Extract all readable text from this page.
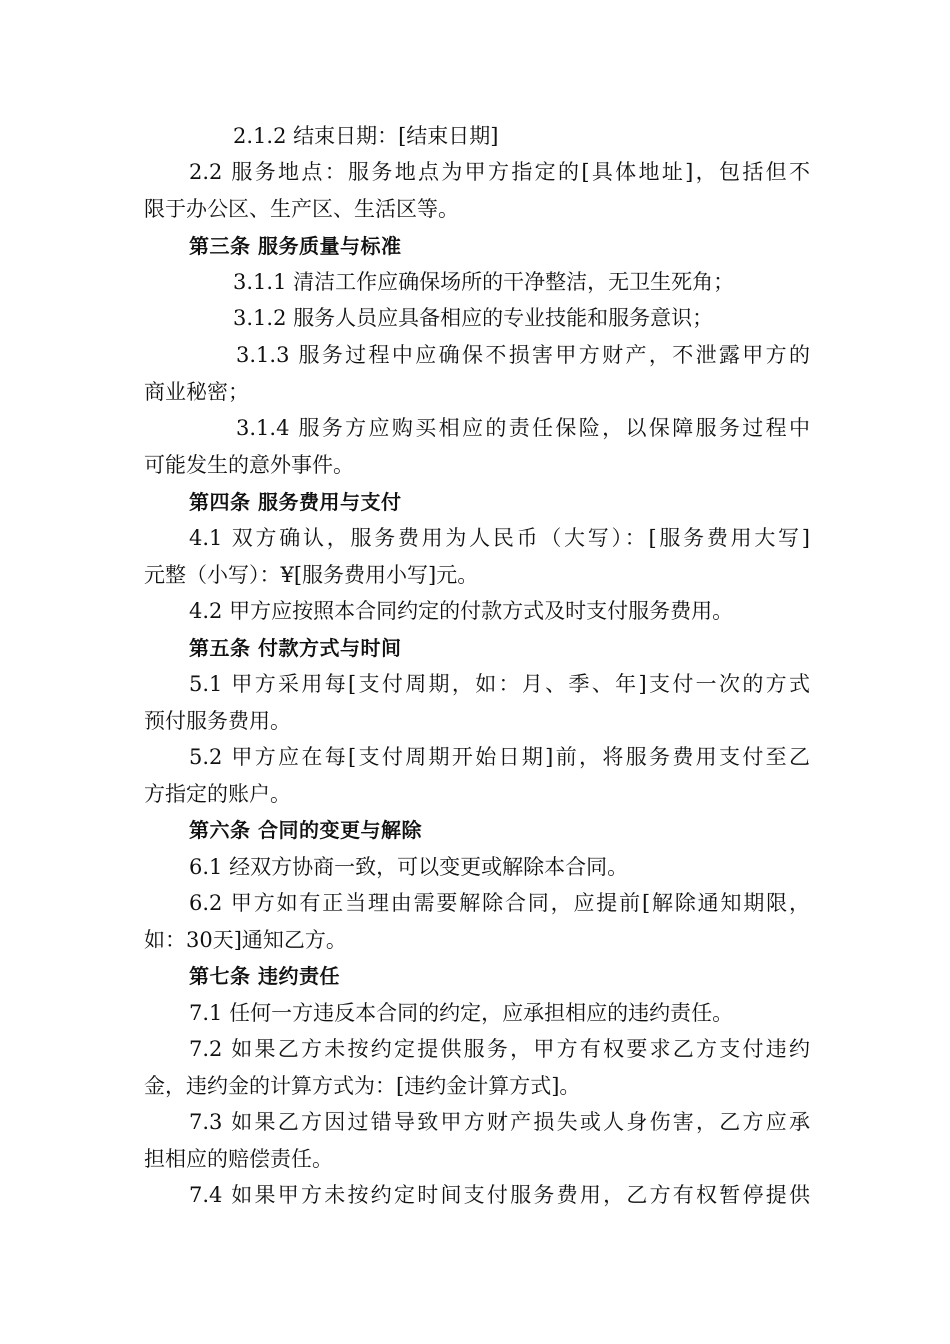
2.1.2 结束日期：[结束日期]
2.2 服务地点：服务地点为甲方指定的[具体地址]，包括但不
限于办公区、生产区、生活区等。
第三条 服务质量与标准
3.1.1 清洁工作应确保场所的干净整洁，无卫生死角；
3.1.2 服务人员应具备相应的专业技能和服务意识；
3.1.3 服务过程中应确保不损害甲方财产，不泄露甲方的
商业秘密；
3.1.4 服务方应购买相应的责任保险，以保障服务过程中
可能发生的意外事件。
第四条 服务费用与支付
4.1 双方确认，服务费用为人民币（大写）：[服务费用大写]
元整（小写）：¥[服务费用小写]元。
4.2 甲方应按照本合同约定的付款方式及时支付服务费用。
第五条 付款方式与时间
5.1 甲方采用每[支付周期，如：月、季、年]支付一次的方式
预付服务费用。
5.2 甲方应在每[支付周期开始日期]前，将服务费用支付至乙
方指定的账户。
第六条 合同的变更与解除
6.1 经双方协商一致，可以变更或解除本合同。
6.2 甲方如有正当理由需要解除合同，应提前[解除通知期限，
如：30天]通知乙方。
第七条 违约责任
7.1 任何一方违反本合同的约定，应承担相应的违约责任。
7.2 如果乙方未按约定提供服务，甲方有权要求乙方支付违约
金，违约金的计算方式为：[违约金计算方式]。
7.3 如果乙方因过错导致甲方财产损失或人身伤害，乙方应承
担相应的赔偿责任。
7.4 如果甲方未按约定时间支付服务费用，乙方有权暂停提供
